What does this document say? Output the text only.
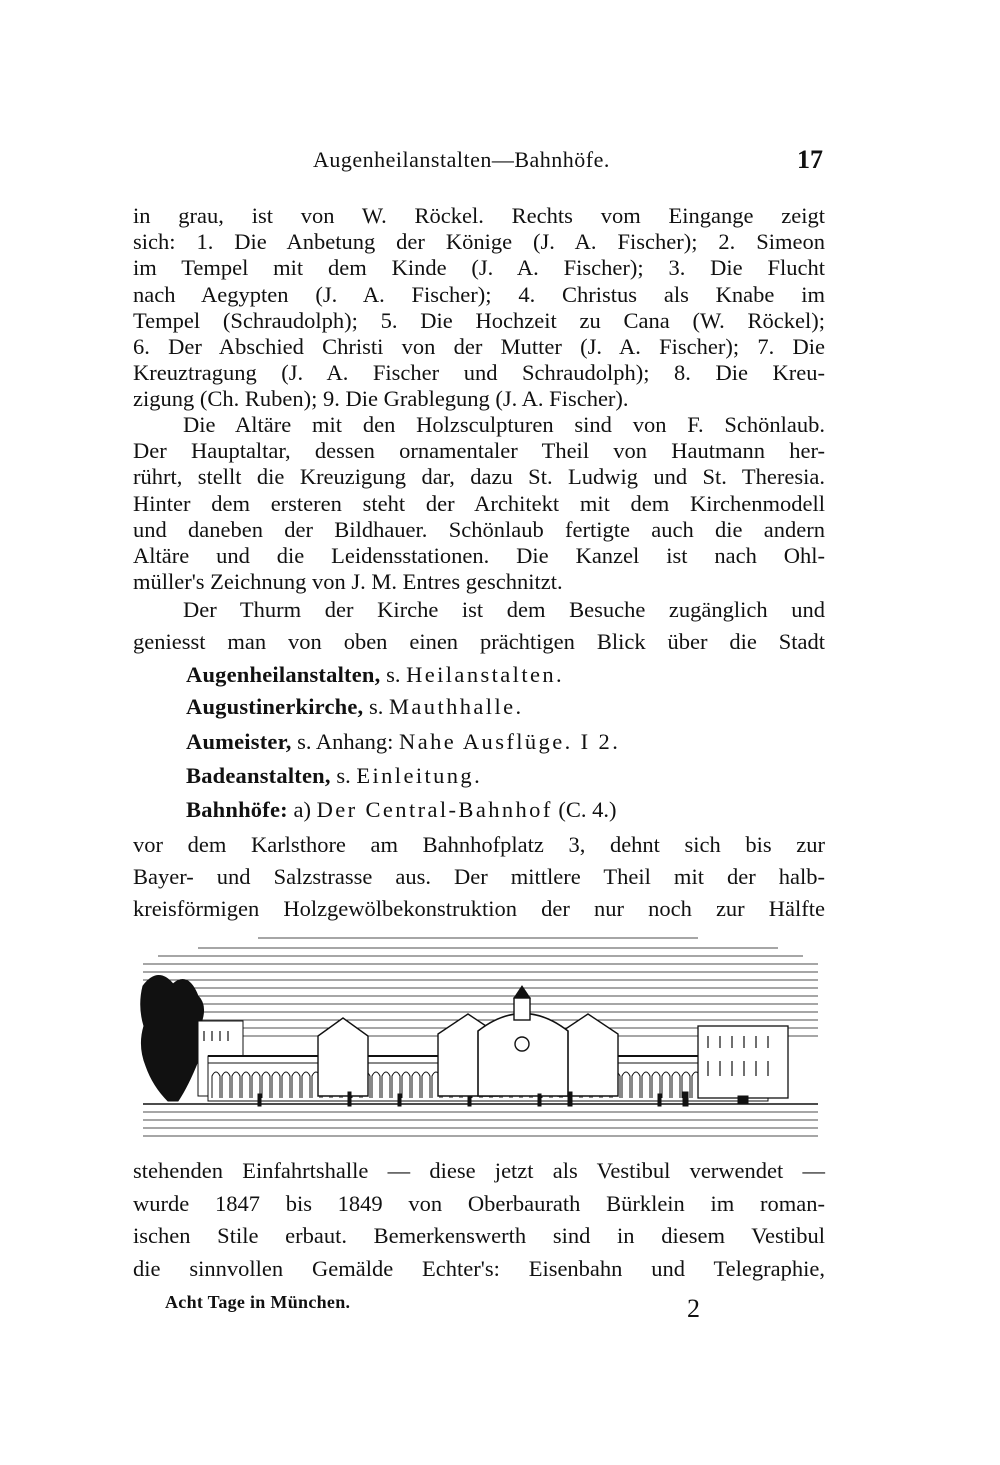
Augenheilanstalten—Bahnhöfe.	17
in grau, ist von W. Röckel. Rechts vom Eingange zeigt
sich: 1. Die Anbetung der Könige (J. A. Fischer); 2. Simeon
im Tempel mit dem Kinde (J. A. Fischer); 3. Die Flucht
nach Aegypten (J. A. Fischer); 4. Christus als Knabe im
Tempel (Schraudolph); 5. Die Hochzeit zu Cana (W. Röckel);
6. Der Abschied Christi von der Mutter (J. A. Fischer); 7. Die
Kreuztragung (J. A. Fischer und Schraudolph); 8. Die Kreu-
zigung (Ch. Ruben); 9. Die Grablegung (J. A. Fischer).
Die Altäre mit den Holzsculpturen sind von F. Schönlaub.
Der Hauptaltar, dessen ornamentaler Theil von Hautmann her-
rührt, stellt die Kreuzigung dar, dazu St. Ludwig und St. Theresia.
Hinter dem ersteren steht der Architekt mit dem Kirchenmodell
und daneben der Bildhauer. Schönlaub fertigte auch die andern
Altäre und die Leidensstationen. Die Kanzel ist nach Ohl-
müller's Zeichnung von J. M. Entres geschnitzt.
Der Thurm der Kirche ist dem Besuche zugänglich und
geniesst man von oben einen prächtigen Blick über die Stadt
Augenheilanstalten, s. Heilanstalten.
Augustinerkirche, s. Mauthhalle.
Aumeister, s. Anhang: Nahe Ausflüge. I 2.
Badeanstalten, s. Einleitung.
Bahnhöfe: a) Der Central-Bahnhof (C. 4.)
vor dem Karlsthore am Bahnhofplatz 3, dehnt sich bis zur
Bayer- und Salzstrasse aus. Der mittlere Theil mit der halb-
kreisförmigen Holzgewölbekonstruktion der nur noch zur Hälfte
stehenden Einfahrtshalle — diese jetzt als Vestibul verwendet —
wurde 1847 bis 1849 von Oberbaurath Bürklein im roman-
ischen Stile erbaut. Bemerkenswerth sind in diesem Vestibul
die sinnvollen Gemälde Echter's: Eisenbahn und Telegraphie,
Acht Tage in München.	2
